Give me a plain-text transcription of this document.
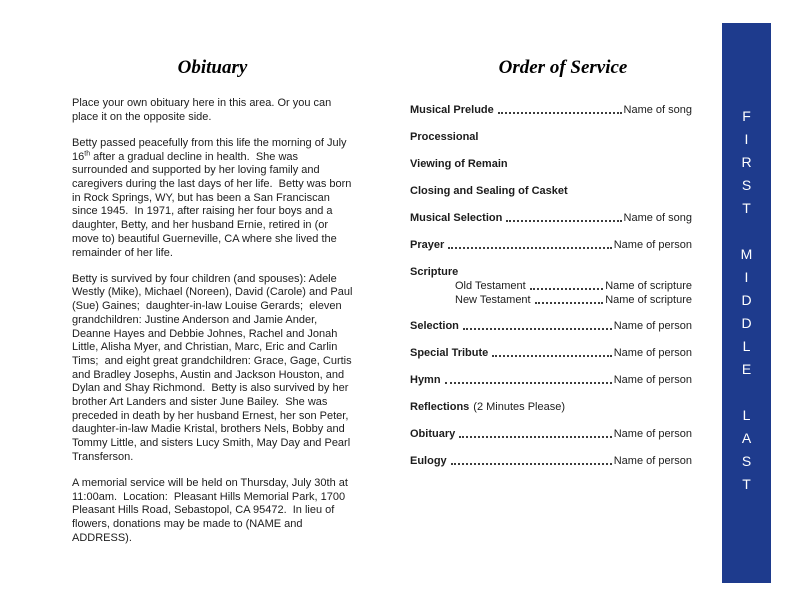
Obituary

Place your own obituary here in this area. Or you can place it on the opposite side.

Betty passed peacefully from this life the morning of July 16th after a gradual decline in health.  She was surrounded and supported by her loving family and caregivers during the last days of her life.  Betty was born in Rock Springs, WY, but has been a San Franciscan since 1945.  In 1971, after raising her four boys and a daughter, Betty, and her husband Ernie, retired in (or move to) beautiful Guerneville, CA where she lived the remainder of her life.

Betty is survived by four children (and spouses): Adele Westly (Mike), Michael (Noreen), David (Carole) and Paul (Sue) Gaines;  daughter-in-law Louise Gerards;  eleven grandchildren: Justine Anderson and Jamie Ander, Deanne Hayes and Debbie Johnes, Rachel and Jonah Little, Alisha Myer, and Christian, Marc, Eric and Carlin Tims;  and eight great grandchildren: Grace, Gage, Curtis and Bradley Josephs, Austin and Jackson Houston, and Dylan and Shay Richmond.  Betty is also survived by her brother Art Landers and sister June Bailey.  She was preceded in death by her husband Ernest, her son Peter, daughter-in-law Madie Kristal, brothers Nels, Bobby and Tommy Little, and sisters Lucy Smith, May Day and Pearl Transferson.

A memorial service will be held on Thursday, July 30th at 11:00am.  Location:  Pleasant Hills Memorial Park, 1700 Pleasant Hills Road, Sebastopol, CA 95472.  In lieu of flowers, donations may be made to (NAME and ADDRESS).

Order of Service
Musical Prelude	Name of song
Processional
Viewing of Remain
Closing and Sealing of Casket
Musical Selection	Name of song
Prayer	Name of person
Scripture
Old Testament	Name of scripture
New Testament	Name of scripture
Selection	Name of person
Special Tribute	Name of person
Hymn	Name of person
Reflections (2 Minutes Please)
Obituary	Name of person
Eulogy	Name of person	FIRST MIDDLE LAST
